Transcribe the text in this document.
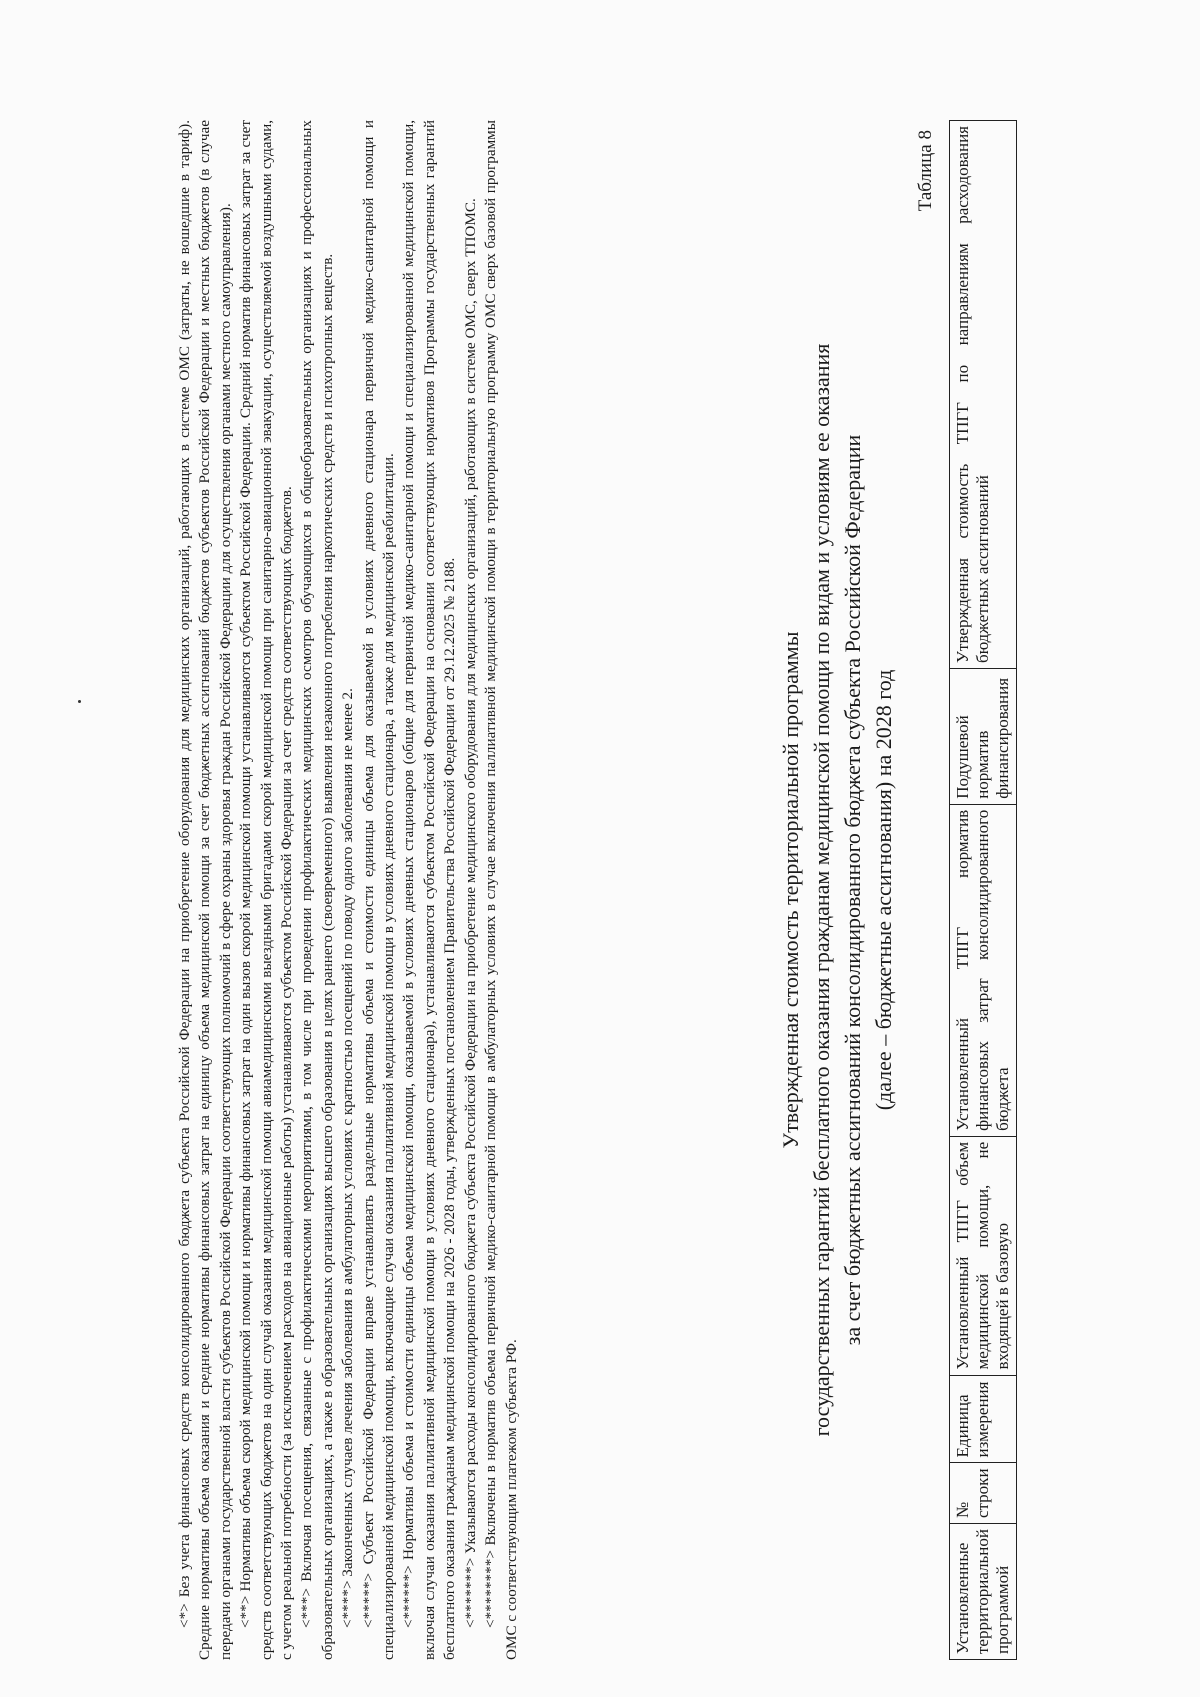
<*> Без учета финансовых средств консолидированного бюджета субъекта Российской Федерации на приобретение оборудования для медицинских организаций, работающих в системе ОМС (затраты, не вошедшие в тариф). Средние нормативы объема оказания и средние нормативы финансовых затрат на единицу объема медицинской помощи за счет бюджетных ассигнований бюджетов субъектов Российской Федерации и местных бюджетов (в случае передачи органами государственной власти субъектов Российской Федерации соответствующих полномочий в сфере охраны здоровья граждан Российской Федерации для осуществления органами местного самоуправления). <**> Нормативы объема скорой медицинской помощи и нормативы финансовых затрат на один вызов скорой медицинской помощи устанавливаются субъектом Российской Федерации. Средний норматив финансовых затрат за счет средств соответствующих бюджетов на один случай оказания медицинской помощи авиамедицинскими выездными бригадами скорой медицинской помощи при санитарно-авиационной эвакуации, осуществляемой воздушными судами, с учетом реальной потребности (за исключением расходов на авиационные работы) устанавливаются субъектом Российской Федерации за счет средств соответствующих бюджетов. <***> Включая посещения, связанные с профилактическими мероприятиями, в том числе при проведении профилактических медицинских осмотров обучающихся в общеобразовательных организациях и профессиональных образовательных организациях, а также в образовательных организациях высшего образования в целях раннего (своевременного) выявления незаконного потребления наркотических средств и психотропных веществ. <****> Законченных случаев лечения заболевания в амбулаторных условиях с кратностью посещений по поводу одного заболевания не менее 2. <*****> Субъект Российской Федерации вправе устанавливать раздельные нормативы объема и стоимости единицы объема для оказываемой в условиях дневного стационара первичной медико-санитарной помощи и специализированной медицинской помощи, включающие случаи оказания паллиативной медицинской помощи в условиях дневного стационара, а также для медицинской реабилитации. <******> Нормативы объема и стоимости единицы объема медицинской помощи, оказываемой в условиях дневных стационаров (общие для первичной медико-санитарной помощи и специализированной медицинской помощи, включая случаи оказания паллиативной медицинской помощи в условиях дневного стационара), устанавливаются субъектом Российской Федерации на основании соответствующих нормативов Программы государственных гарантий бесплатного оказания гражданам медицинской помощи на 2026 - 2028 годы, утвержденных постановлением Правительства Российской Федерации от 29.12.2025 № 2188. <*******> Указываются расходы консолидированного бюджета субъекта Российской Федерации на приобретение медицинского оборудования для медицинских организаций, работающих в системе ОМС, сверх ТПОМС. <********> Включены в норматив объема первичной медико-санитарной помощи в амбулаторных условиях в случае включения паллиативной медицинской помощи в территориальную программу ОМС сверх базовой программы ОМС с соответствующим платежом субъекта РФ.

Утвержденная стоимость территориальной программы государственных гарантий бесплатного оказания гражданам медицинской помощи по видам и условиям ее оказания за счет бюджетных ассигнований консолидированного бюджета субъекта Российской Федерации (далее – бюджетные ассигнования) на 2028 год
Таблица 8
Установленные территориальной программой	№ строки	Единица измерения	Установленный ТПГГ объем медицинской помощи, не входящей в базовую	Установленный ТПГГ норматив финансовых затрат консолидированного бюджета	Подушевой норматив финансирования	Утвержденная стоимость ТПГГ по направлениям расходования бюджетных ассигнований
